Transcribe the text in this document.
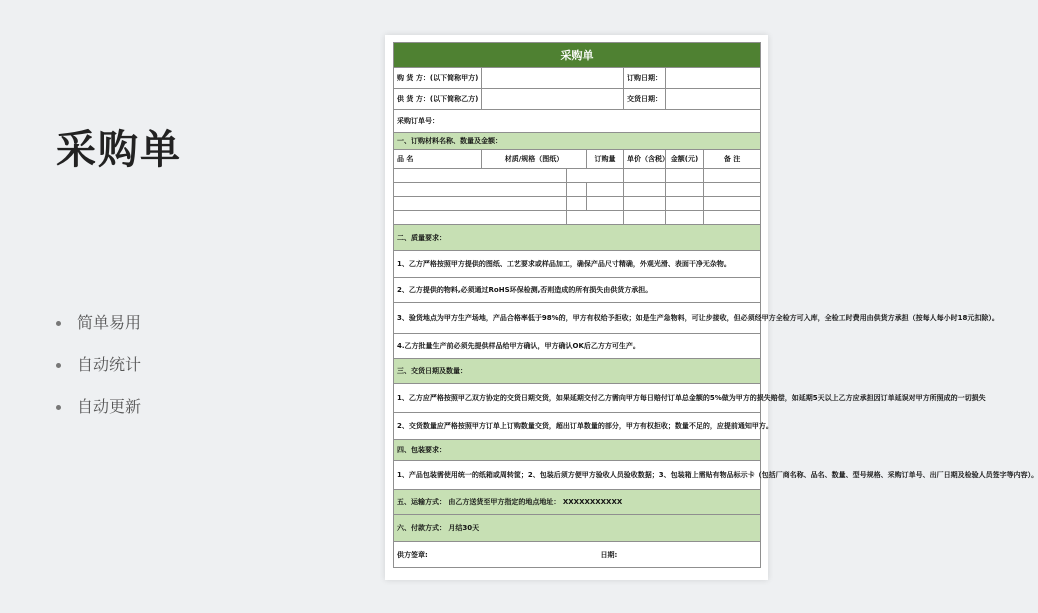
采购单
简单易用
自动统计
自动更新
采购单						
购 货 方：(以下简称甲方)				订购日期：		
供 货 方：(以下简称乙方)				交货日期：		
采购订单号：						
一、订购材料名称、数量及金额：						
品 名	材质/规格（图纸）		订购量	单价（含税）	金额(元)	备 注

二、质量要求：						
1、乙方严格按照甲方提供的图纸、工艺要求或样品加工，确保产品尺寸精确，外观光滑、表面干净无杂物。						
2、乙方提供的物料,必须通过RoHS环保检测,否则造成的所有损失由供货方承担。						
3、验货地点为甲方生产场地，产品合格率低于98%的，甲方有权给予拒收；如是生产急物料，可让步接收，但必须经甲方全检方可入库，全检工时费用由供货方承担（按每人每小时18元扣除）。						
4.乙方批量生产前必须先提供样品给甲方确认，甲方确认OK后乙方方可生产。						
三、交货日期及数量：						
1、乙方应严格按照甲乙双方协定的交货日期交货，如果延期交付乙方需向甲方每日赔付订单总金额的5%做为甲方的损失赔偿，如延期5天以上乙方应承担因订单延误对甲方所照成的一切损失						
2、交货数量应严格按照甲方订单上订购数量交货，超出订单数量的部分，甲方有权拒收；数量不足的，应提前通知甲方。						
四、包装要求：						
1、产品包装需使用统一的纸箱或周转筐；2、包装后须方便甲方验收人员验收数据；3、包装箱上需贴有物品标示卡（包括厂商名称、品名、数量、型号规格、采购订单号、出厂日期及检验人员签字等内容）。						
五、运输方式： 由乙方送货至甲方指定的地点地址： XXXXXXXXXXX						
六、付款方式： 月结30天						
供方签章:			日期:			
